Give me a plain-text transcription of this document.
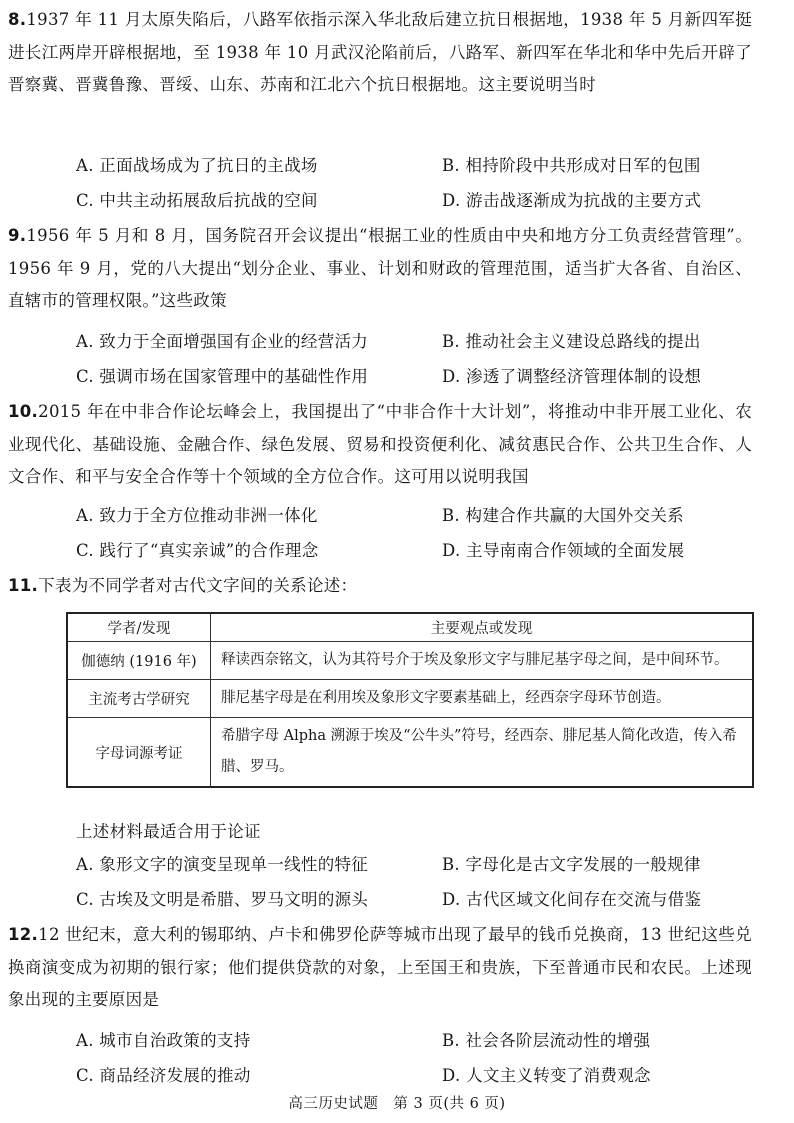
8.1937 年 11 月太原失陷后，八路军依指示深入华北敌后建立抗日根据地，1938 年 5 月新四军挺进长江两岸开辟根据地，至 1938 年 10 月武汉沦陷前后，八路军、新四军在华北和华中先后开辟了晋察冀、晋冀鲁豫、晋绥、山东、苏南和江北六个抗日根据地。这主要说明当时
A. 正面战场成为了抗日的主战场	B. 相持阶段中共形成对日军的包围
C. 中共主动拓展敌后抗战的空间	D. 游击战逐渐成为抗战的主要方式
9.1956 年 5 月和 8 月，国务院召开会议提出“根据工业的性质由中央和地方分工负责经营管理”。1956 年 9 月，党的八大提出“划分企业、事业、计划和财政的管理范围，适当扩大各省、自治区、直辖市的管理权限。”这些政策
A. 致力于全面增强国有企业的经营活力	B. 推动社会主义建设总路线的提出
C. 强调市场在国家管理中的基础性作用	D. 渗透了调整经济管理体制的设想
10.2015 年在中非合作论坛峰会上，我国提出了“中非合作十大计划”，将推动中非开展工业化、农业现代化、基础设施、金融合作、绿色发展、贸易和投资便利化、减贫惠民合作、公共卫生合作、人文合作、和平与安全合作等十个领域的全方位合作。这可用以说明我国
A. 致力于全方位推动非洲一体化	B. 构建合作共赢的大国外交关系
C. 践行了“真实亲诚”的合作理念	D. 主导南南合作领域的全面发展
11.下表为不同学者对古代文字间的关系论述：
学者/发现	主要观点或发现
伽德纳 (1916 年)	释读西奈铭文，认为其符号介于埃及象形文字与腓尼基字母之间，是中间环节。
主流考古学研究	腓尼基字母是在利用埃及象形文字要素基础上，经西奈字母环节创造。
字母词源考证	希腊字母 Alpha 溯源于埃及“公牛头”符号，经西奈、腓尼基人简化改造，传入希腊、罗马。
上述材料最适合用于论证
A. 象形文字的演变呈现单一线性的特征	B. 字母化是古文字发展的一般规律
C. 古埃及文明是希腊、罗马文明的源头	D. 古代区域文化间存在交流与借鉴
12.12 世纪末，意大利的锡耶纳、卢卡和佛罗伦萨等城市出现了最早的钱币兑换商，13 世纪这些兑换商演变成为初期的银行家；他们提供贷款的对象，上至国王和贵族，下至普通市民和农民。上述现象出现的主要原因是
A. 城市自治政策的支持	B. 社会各阶层流动性的增强
C. 商品经济发展的推动	D. 人文主义转变了消费观念
高三历史试题　第 3 页(共 6 页)
